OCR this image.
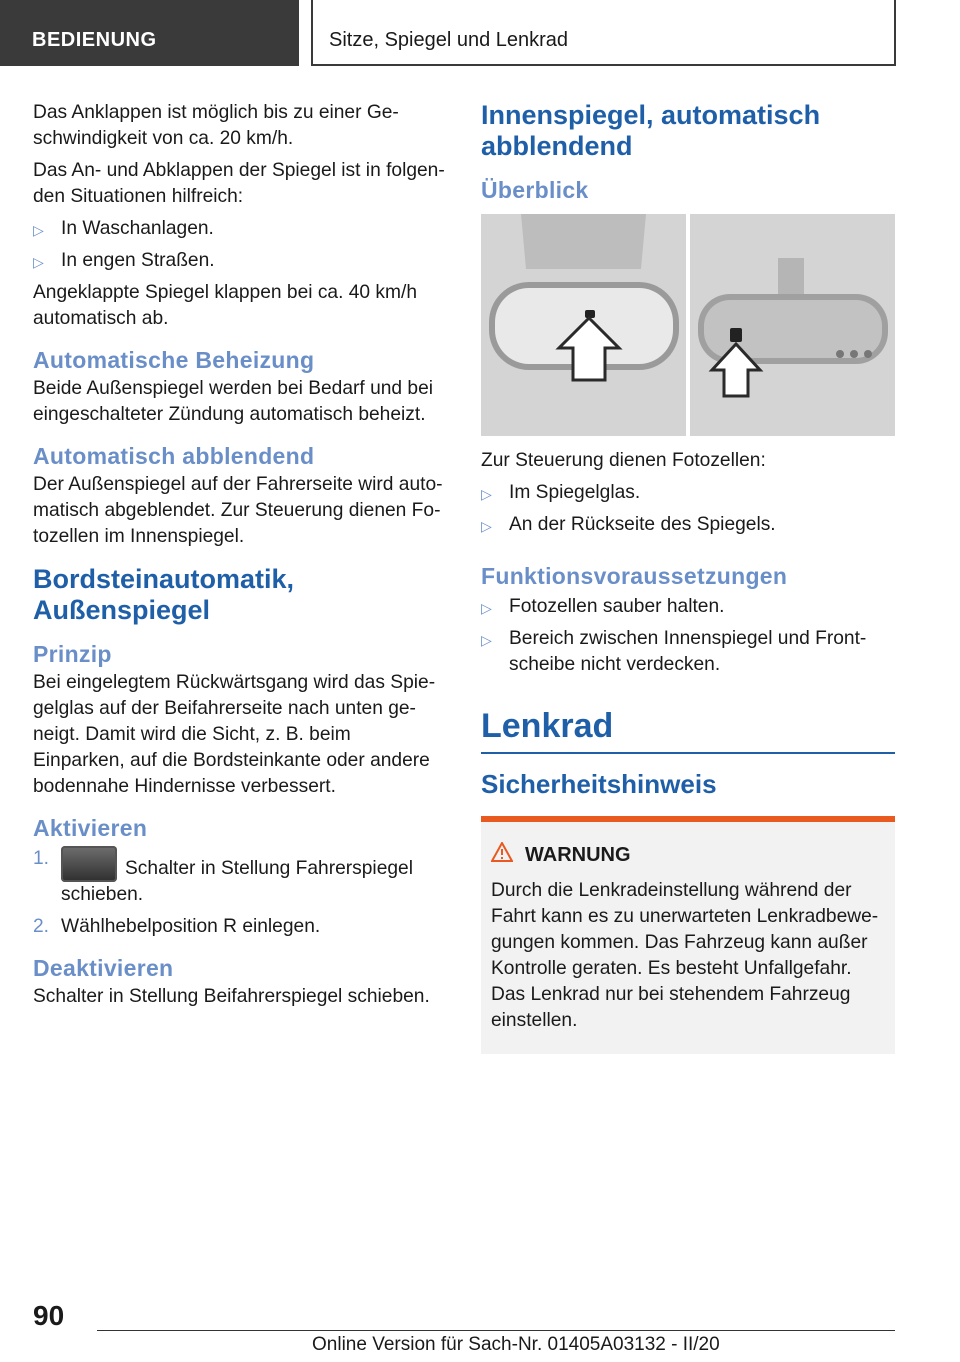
BEDIENUNG	Sitze, Spiegel und Lenkrad

Das Anklappen ist möglich bis zu einer Geschwindigkeit von ca. 20 km/h.

Das An- und Abklappen der Spiegel ist in folgenden Situationen hilfreich:

▷ In Waschanlagen.
▷ In engen Straßen.

Angeklappte Spiegel klappen bei ca. 40 km/h automatisch ab.

Automatische Beheizung

Beide Außenspiegel werden bei Bedarf und bei eingeschalteter Zündung automatisch beheizt.

Automatisch abblendend

Der Außenspiegel auf der Fahrerseite wird automatisch abgeblendet. Zur Steuerung dienen Fotozellen im Innenspiegel.

Bordsteinautomatik, Außenspiegel
Prinzip

Bei eingelegtem Rückwärtsgang wird das Spiegelglas auf der Beifahrerseite nach unten geneigt. Damit wird die Sicht, z. B. beim Einparken, auf die Bordsteinkante oder andere bodennahe Hindernisse verbessert.

Aktivieren
1.	Schalter in Stellung Fahrerspiegel schieben.
2. Wählhebelposition R einlegen.
Deaktivieren

Schalter in Stellung Beifahrerspiegel schieben.

Innenspiegel, automatisch abblendend
Überblick

Zur Steuerung dienen Fotozellen:

▷ Im Spiegelglas.
▷ An der Rückseite des Spiegels.
Funktionsvoraussetzungen
▷ Fotozellen sauber halten.
▷ Bereich zwischen Innenspiegel und Frontscheibe nicht verdecken.
Lenkrad
Sicherheitshinweis
WARNUNG
Durch die Lenkradeinstellung während der Fahrt kann es zu unerwarteten Lenkradbewegungen kommen. Das Fahrzeug kann außer Kontrolle geraten. Es besteht Unfallgefahr. Das Lenkrad nur bei stehendem Fahrzeug einstellen.
90
Online Version für Sach-Nr. 01405A03132 - II/20
